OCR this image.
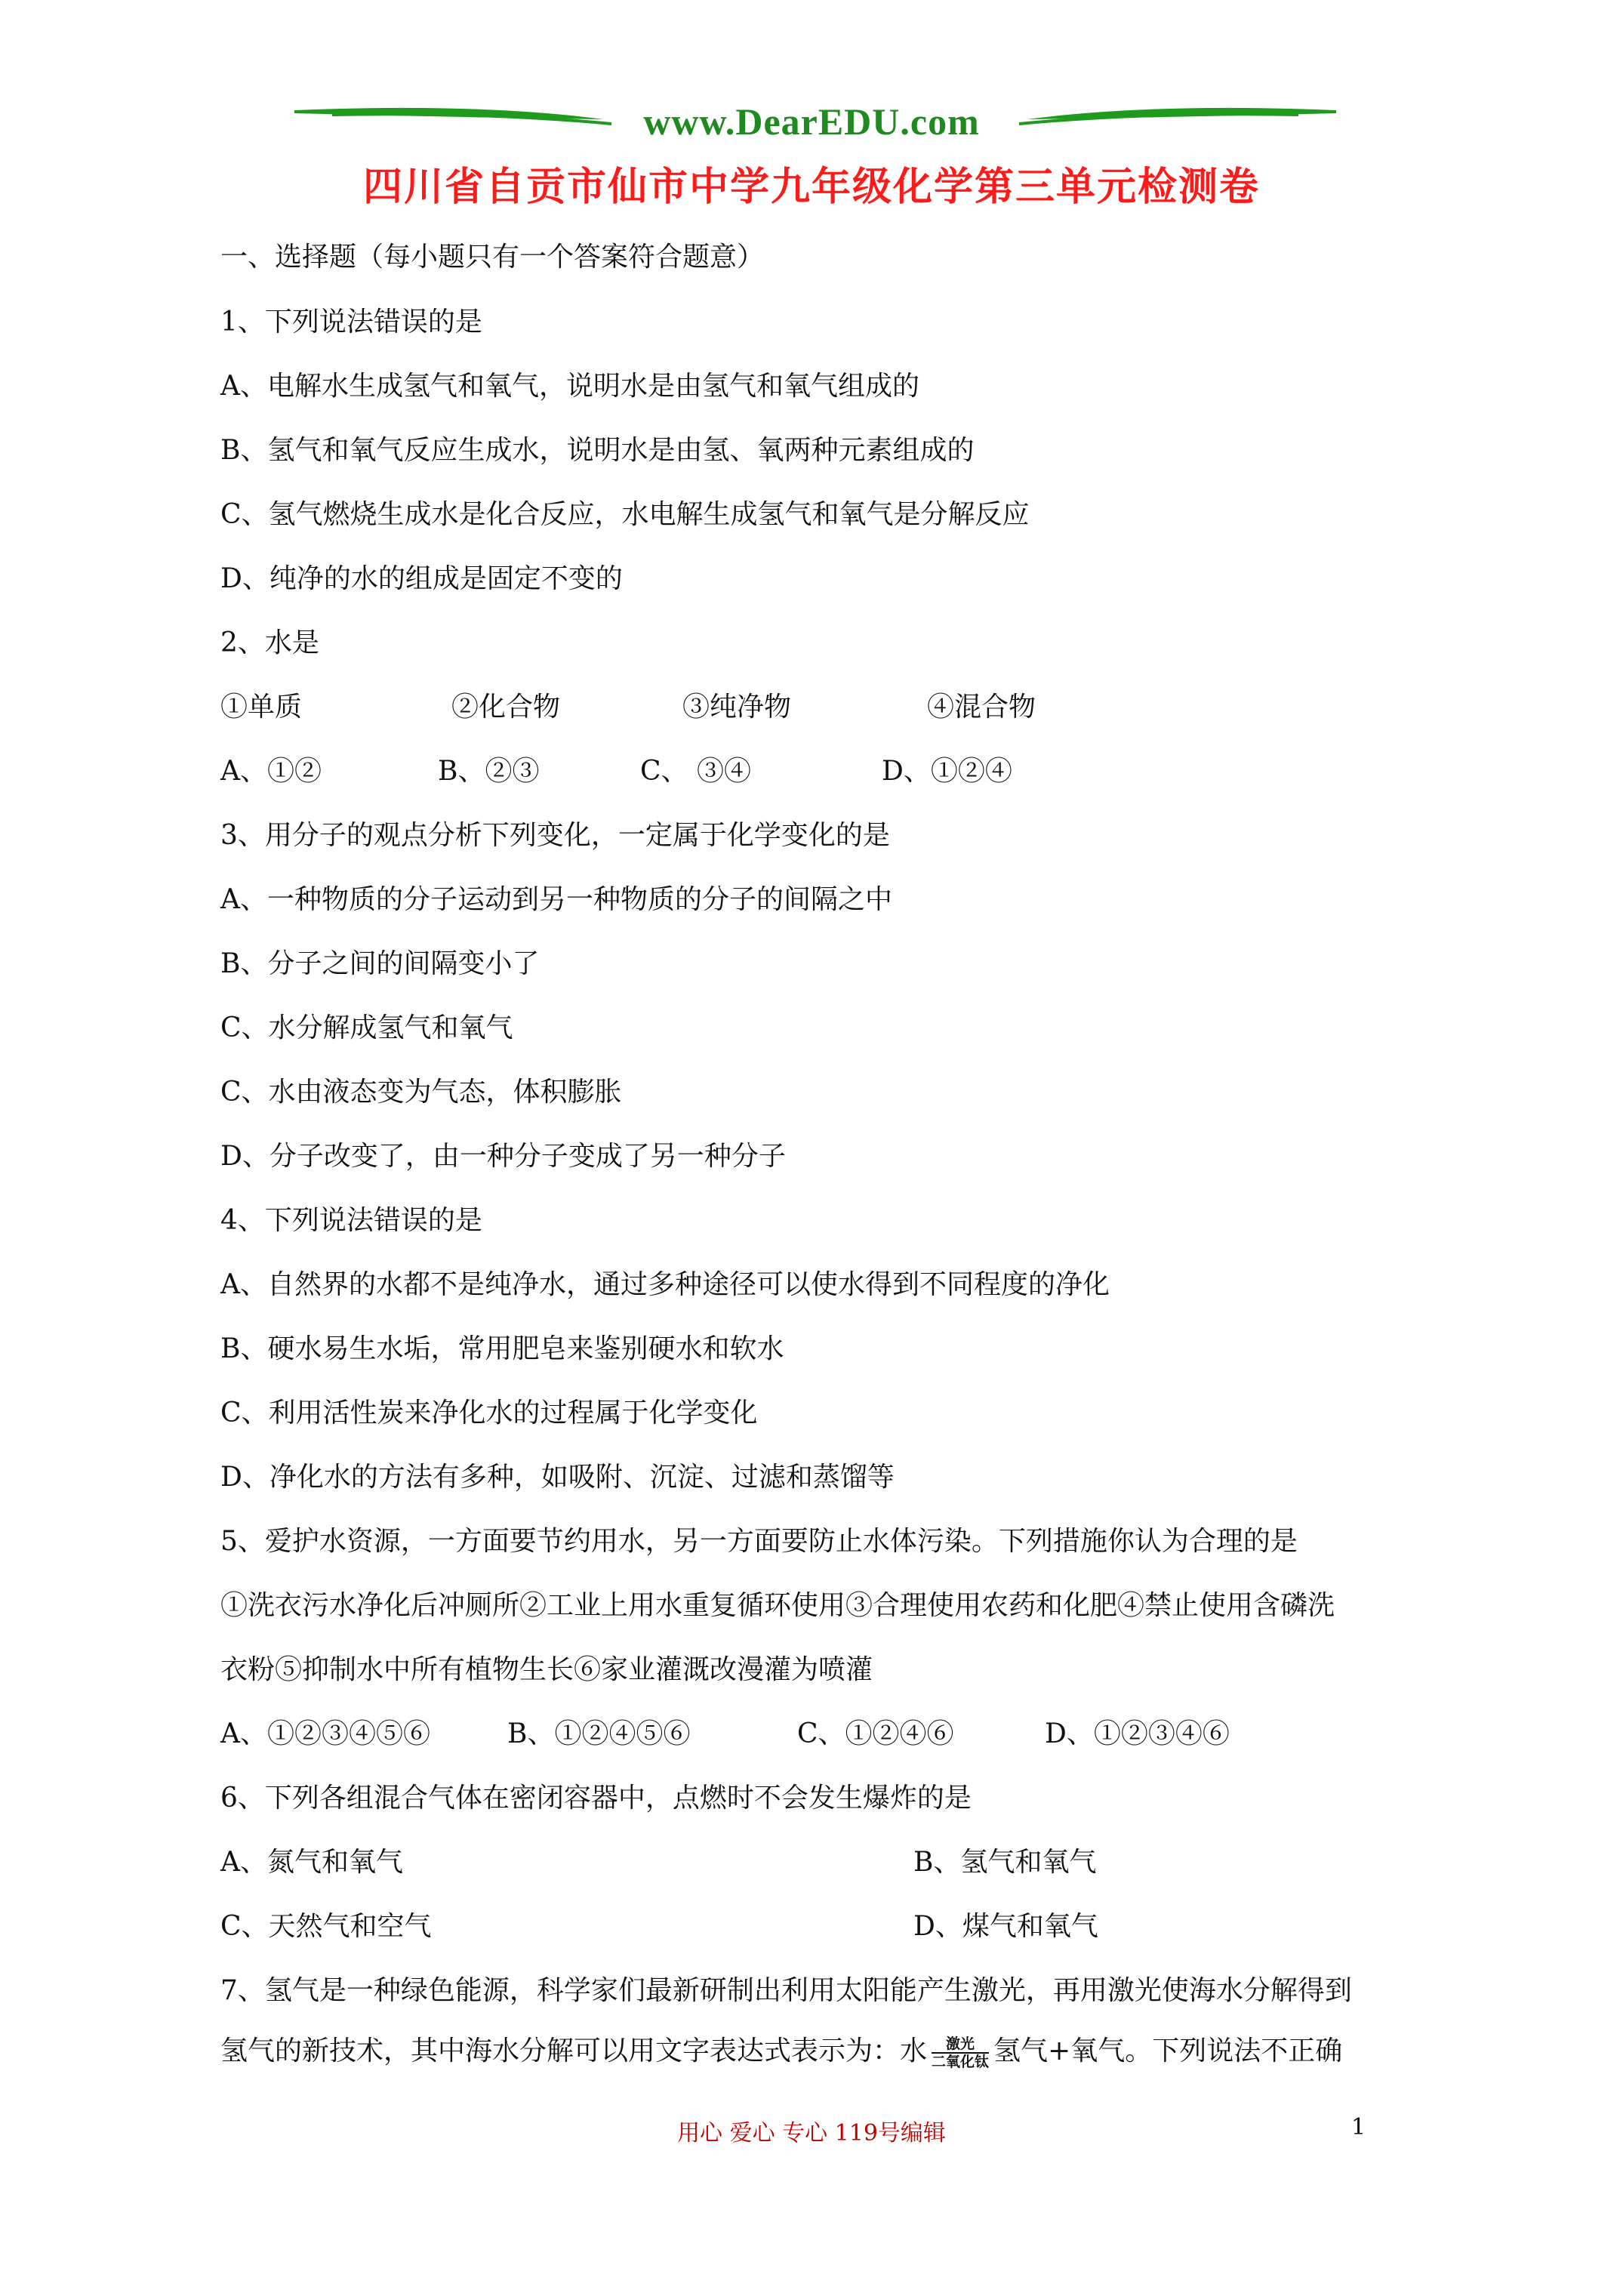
www.DearEDU.com
四川省自贡市仙市中学九年级化学第三单元检测卷
一、选择题（每小题只有一个答案符合题意）
1、下列说法错误的是
A、电解水生成氢气和氧气，说明水是由氢气和氧气组成的
B、氢气和氧气反应生成水，说明水是由氢、氧两种元素组成的
C、氢气燃烧生成水是化合反应，水电解生成氢气和氧气是分解反应
D、纯净的水的组成是固定不变的
2、水是
①单质	②化合物	③纯净物	④混合物
A、①②	B、②③	C、 ③④	D、①②④
3、用分子的观点分析下列变化，一定属于化学变化的是
A、一种物质的分子运动到另一种物质的分子的间隔之中
B、分子之间的间隔变小了
C、水分解成氢气和氧气
C、水由液态变为气态，体积膨胀
D、分子改变了，由一种分子变成了另一种分子
4、下列说法错误的是
A、自然界的水都不是纯净水，通过多种途径可以使水得到不同程度的净化
B、硬水易生水垢，常用肥皂来鉴别硬水和软水
C、利用活性炭来净化水的过程属于化学变化
D、净化水的方法有多种，如吸附、沉淀、过滤和蒸馏等
5、爱护水资源，一方面要节约用水，另一方面要防止水体污染。下列措施你认为合理的是
①洗衣污水净化后冲厕所②工业上用水重复循环使用③合理使用农药和化肥④禁止使用含磷洗
衣粉⑤抑制水中所有植物生长⑥家业灌溉改漫灌为喷灌
A、①②③④⑤⑥	B、①②④⑤⑥	C、①②④⑥	D、①②③④⑥
6、下列各组混合气体在密闭容器中，点燃时不会发生爆炸的是
A、氮气和氧气	B、氢气和氧气
C、天然气和空气	D、煤气和氧气
7、氢气是一种绿色能源，科学家们最新研制出利用太阳能产生激光，再用激光使海水分解得到
氢气的新技术，其中海水分解可以用文字表达式表示为：水	激光
二氧化钛 氢气+氧气。下列说法不正确
用心 爱心 专心 119号编辑	1
